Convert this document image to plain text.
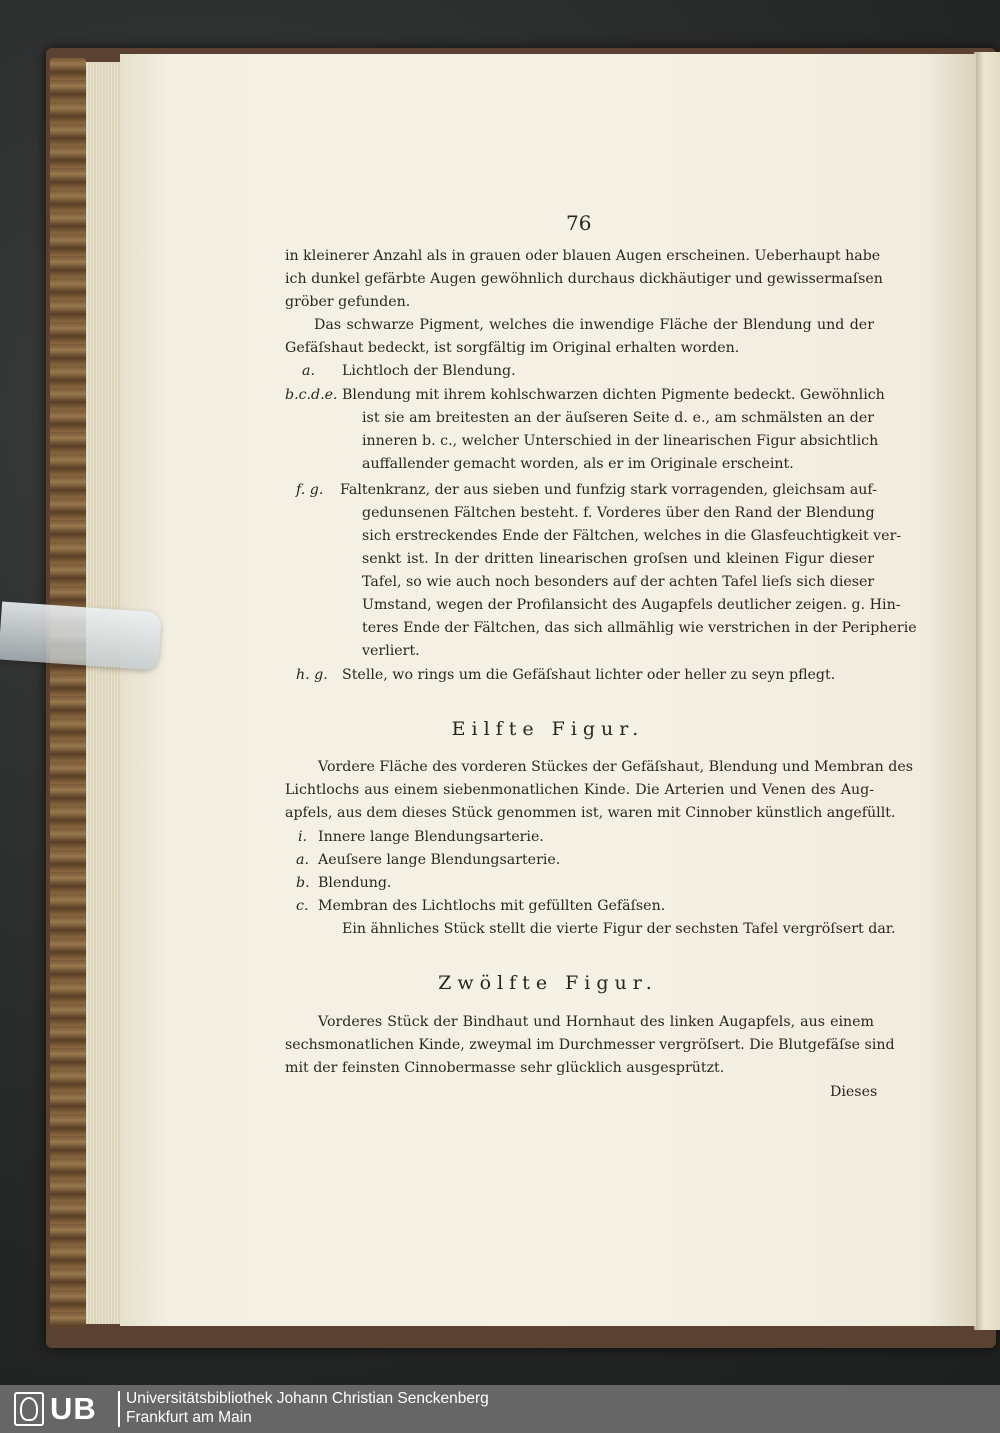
76
in kleinerer Anzahl als in grauen oder blauen Augen erscheinen. Ueberhaupt habe
ich dunkel gefärbte Augen gewöhnlich durchaus dickhäutiger und gewissermaſsen
gröber gefunden.
Das schwarze Pigment, welches die inwendige Fläche der Blendung und der
Gefäſshaut bedeckt, ist sorgfältig im Original erhalten worden.
a. Lichtloch der Blendung.
b.c.d.e. Blendung mit ihrem kohlschwarzen dichten Pigmente bedeckt. Gewöhnlich
ist sie am breitesten an der äuſseren Seite d. e., am schmälsten an der
inneren b. c., welcher Unterschied in der linearischen Figur absichtlich
auffallender gemacht worden, als er im Originale erscheint.
f. g. Faltenkranz, der aus sieben und funfzig stark vorragenden, gleichsam auf-
gedunsenen Fältchen besteht. f. Vorderes über den Rand der Blendung
sich erstreckendes Ende der Fältchen, welches in die Glasfeuchtigkeit ver-
senkt ist. In der dritten linearischen groſsen und kleinen Figur dieser
Tafel, so wie auch noch besonders auf der achten Tafel lieſs sich dieser
Umstand, wegen der Profilansicht des Augapfels deutlicher zeigen. g. Hin-
teres Ende der Fältchen, das sich allmählig wie verstrichen in der Peripherie
verliert.
h. g. Stelle, wo rings um die Gefäſshaut lichter oder heller zu seyn pflegt.
Eilfte Figur.
Vordere Fläche des vorderen Stückes der Gefäſshaut, Blendung und Membran des
Lichtlochs aus einem siebenmonatlichen Kinde. Die Arterien und Venen des Aug-
apfels, aus dem dieses Stück genommen ist, waren mit Cinnober künstlich angefüllt.
i. Innere lange Blendungsarterie.
a. Aeuſsere lange Blendungsarterie.
b. Blendung.
c. Membran des Lichtlochs mit gefüllten Gefäſsen.
Ein ähnliches Stück stellt die vierte Figur der sechsten Tafel vergröſsert dar.
Zwölfte Figur.
Vorderes Stück der Bindhaut und Hornhaut des linken Augapfels, aus einem
sechsmonatlichen Kinde, zweymal im Durchmesser vergröſsert. Die Blutgefäſse sind
mit der feinsten Cinnobermasse sehr glücklich ausgesprützt.
Dieses
UB Universitätsbibliothek Johann Christian Senckenberg
Frankfurt am Main
